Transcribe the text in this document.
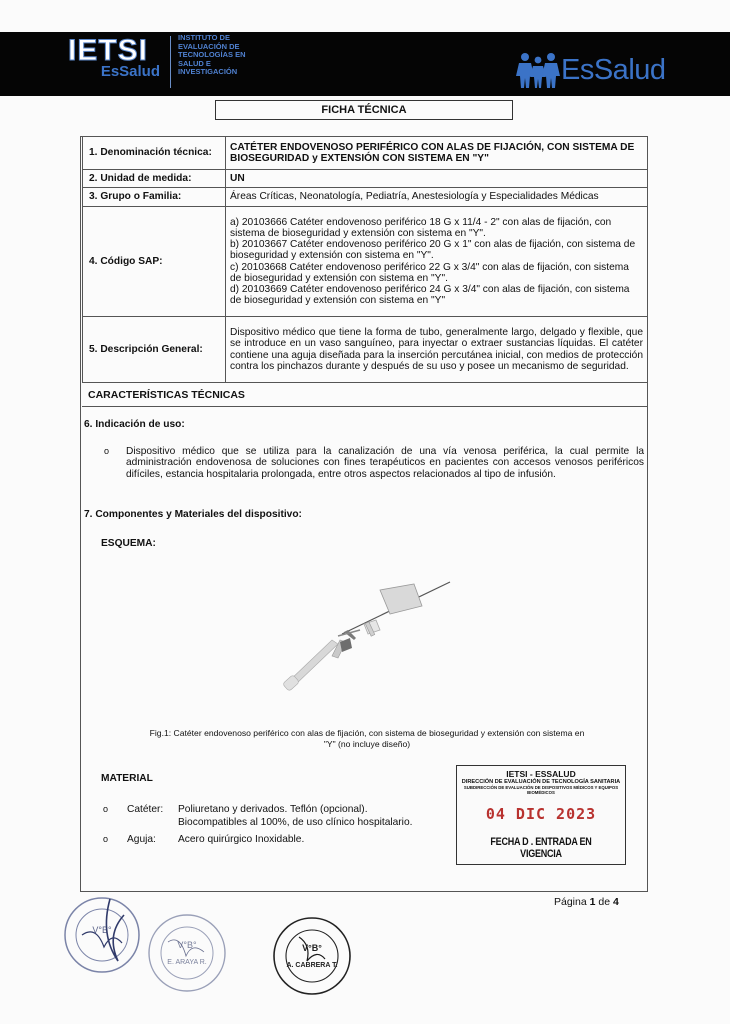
IETSI
EsSalud
INSTITUTO DE EVALUACIÓN DE TECNOLOGÍAS EN SALUD E INVESTIGACIÓN	EsSalud
FICHA TÉCNICA
1. Denominación técnica:	CATÉTER ENDOVENOSO PERIFÉRICO CON ALAS DE FIJACIÓN, CON SISTEMA DE BIOSEGURIDAD y EXTENSIÓN CON SISTEMA EN "Y"
2. Unidad de medida:	UN
3. Grupo o Familia:	Áreas Críticas, Neonatología, Pediatría, Anestesiología y Especialidades Médicas
4. Código SAP:	a) 20103666 Catéter endovenoso periférico 18 G x 11/4 - 2" con alas de fijación, con sistema de bioseguridad y extensión con sistema en "Y".
b) 20103667 Catéter endovenoso periférico 20 G x 1" con alas de fijación, con sistema de bioseguridad y extensión con sistema en "Y".
c) 20103668 Catéter endovenoso periférico 22 G x 3/4" con alas de fijación, con sistema de bioseguridad y extensión con sistema en "Y".
d) 20103669 Catéter endovenoso periférico 24 G x 3/4" con alas de fijación, con sistema de bioseguridad y extensión con sistema en "Y"

5. Descripción General:	Dispositivo médico que tiene la forma de tubo, generalmente largo, delgado y flexible, que se introduce en un vaso sanguíneo, para inyectar o extraer sustancias líquidas. El catéter contiene una aguja diseñada para la inserción percutánea inicial, con medios de protección contra los pinchazos durante y después de su uso y posee un mecanismo de seguridad.
CARACTERÍSTICAS TÉCNICAS
6. Indicación de uso:
o	Dispositivo médico que se utiliza para la canalización de una vía venosa periférica, la cual permite la administración endovenosa de soluciones con fines terapéuticos en pacientes con accesos venosos periféricos difíciles, estancia hospitalaria prolongada, entre otros aspectos relacionados al tipo de infusión.
7. Componentes y Materiales del dispositivo:
ESQUEMA:
Fig.1: Catéter endovenoso periférico con alas de fijación, con sistema de bioseguridad y extensión con sistema en
"Y" (no incluye diseño)
MATERIAL
o	Catéter:	Poliuretano y derivados. Teflón (opcional).
Biocompatibles al 100%, de uso clínico hospitalario.
o	Aguja:	Acero quirúrgico Inoxidable.
IETSI - ESSALUD
DIRECCIÓN DE EVALUACIÓN DE TECNOLOGÍA SANITARIA
SUBDIRECCIÓN DE EVALUACIÓN DE DISPOSITIVOS MÉDICOS Y EQUIPOS BIOMÉDICOS
04 DIC 2023
FECHA D . ENTRADA EN VIGENCIA
Página 1 de 4
V°B°
V°B°
E. ARAYA R.
V°B°
A. CABRERA T.
